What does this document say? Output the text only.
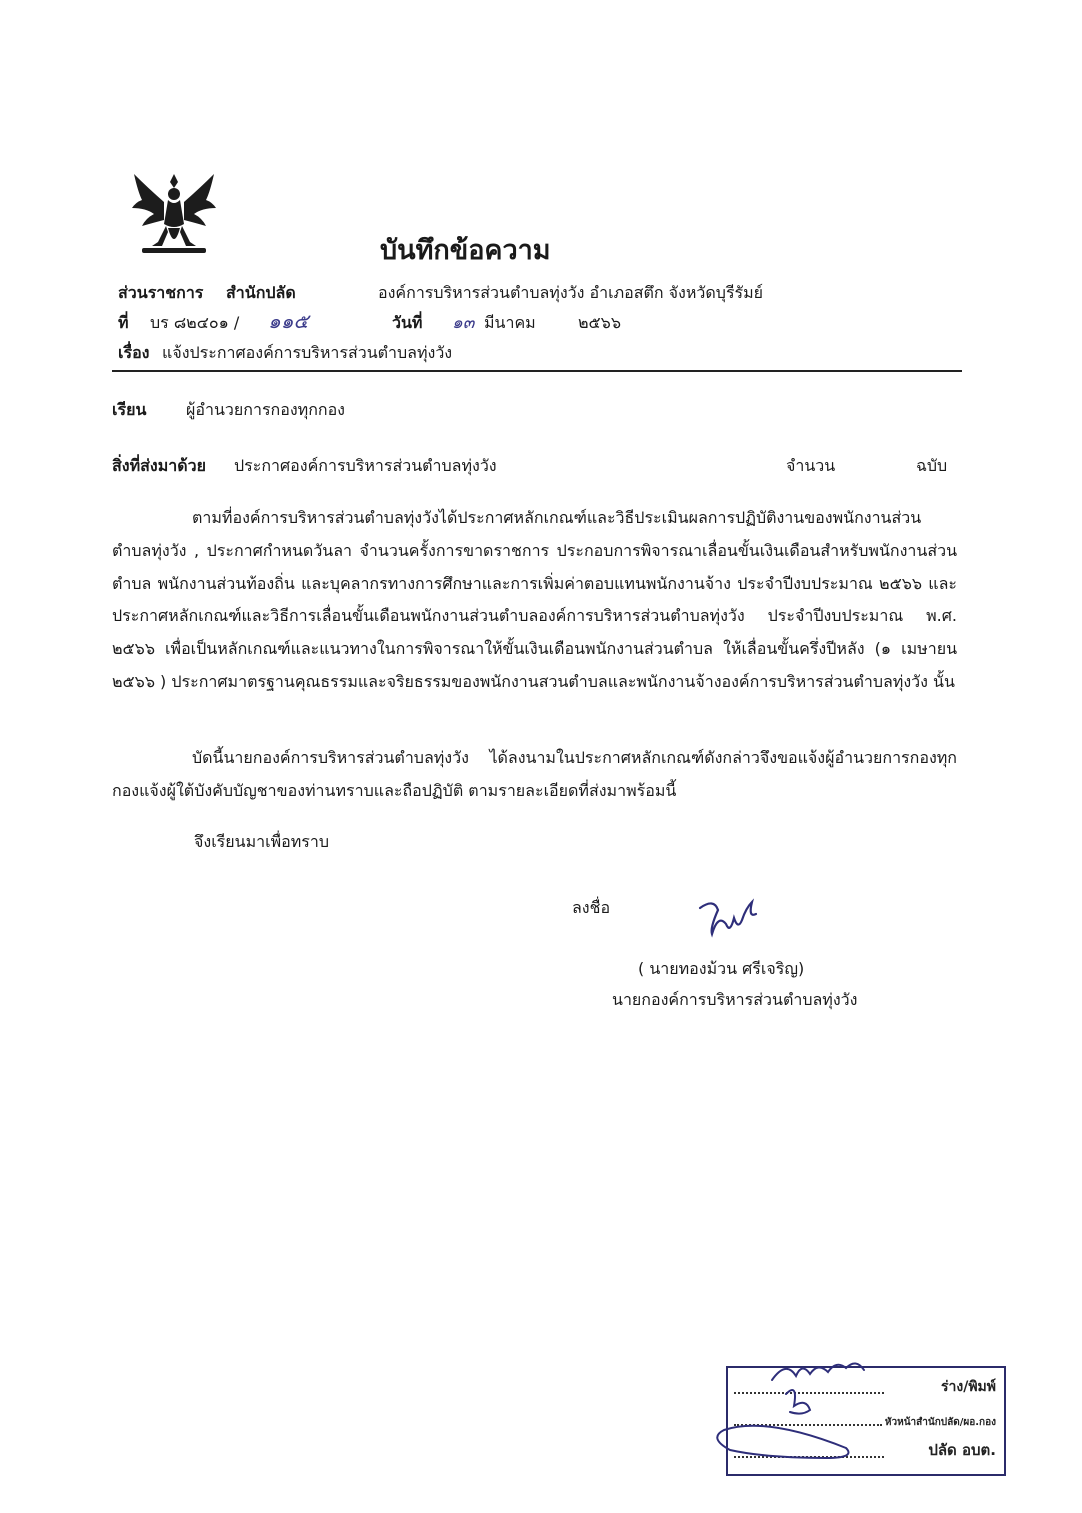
บันทึกข้อความ
ส่วนราชการ สำนักปลัด	องค์การบริหารส่วนตำบลทุ่งวัง อำเภอสตึก จังหวัดบุรีรัมย์
ที่ บร ๘๒๔๐๑ / ๑๑๕	วันที่ ๑๓ มีนาคม	๒๕๖๖
เรื่อง แจ้งประกาศองค์การบริหารส่วนตำบลทุ่งวัง
เรียน ผู้อำนวยการกองทุกกอง
สิ่งที่ส่งมาด้วย ประกาศองค์การบริหารส่วนตำบลทุ่งวัง	จำนวน	ฉบับ
ตามที่องค์การบริหารส่วนตำบลทุ่งวังได้ประกาศหลักเกณฑ์และวิธีประเมินผลการปฏิบัติงานของพนักงานส่วนตำบลทุ่งวัง , ประกาศกำหนดวันลา จำนวนครั้งการขาดราชการ ประกอบการพิจารณาเลื่อนขั้นเงินเดือนสำหรับพนักงานส่วนตำบล พนักงานส่วนท้องถิ่น และบุคลากรทางการศึกษาและการเพิ่มค่าตอบแทนพนักงานจ้าง ประจำปีงบประมาณ ๒๕๖๖ และประกาศหลักเกณฑ์และวิธีการเลื่อนขั้นเดือนพนักงานส่วนตำบลองค์การบริหารส่วนตำบลทุ่งวัง ประจำปีงบประมาณ พ.ศ. ๒๕๖๖ เพื่อเป็นหลักเกณฑ์และแนวทางในการพิจารณาให้ขั้นเงินเดือนพนักงานส่วนตำบล ให้เลื่อนขั้นครึ่งปีหลัง (๑ เมษายน ๒๕๖๖ ) ประกาศมาตรฐานคุณธรรมและจริยธรรมของพนักงานสวนตำบลและพนักงานจ้างองค์การบริหารส่วนตำบลทุ่งวัง นั้น
บัดนี้นายกองค์การบริหารส่วนตำบลทุ่งวัง ได้ลงนามในประกาศหลักเกณฑ์ดังกล่าวจึงขอแจ้งผู้อำนวยการกองทุกกองแจ้งผู้ใต้บังคับบัญชาของท่านทราบและถือปฏิบัติ ตามรายละเอียดที่ส่งมาพร้อมนี้
จึงเรียนมาเพื่อทราบ
ลงชื่อ
( นายทองม้วน ศรีเจริญ)
นายกองค์การบริหารส่วนตำบลทุ่งวัง
ร่าง/พิมพ์
หัวหน้าสำนักปลัด/ผอ.กอง
ปลัด อบต.
